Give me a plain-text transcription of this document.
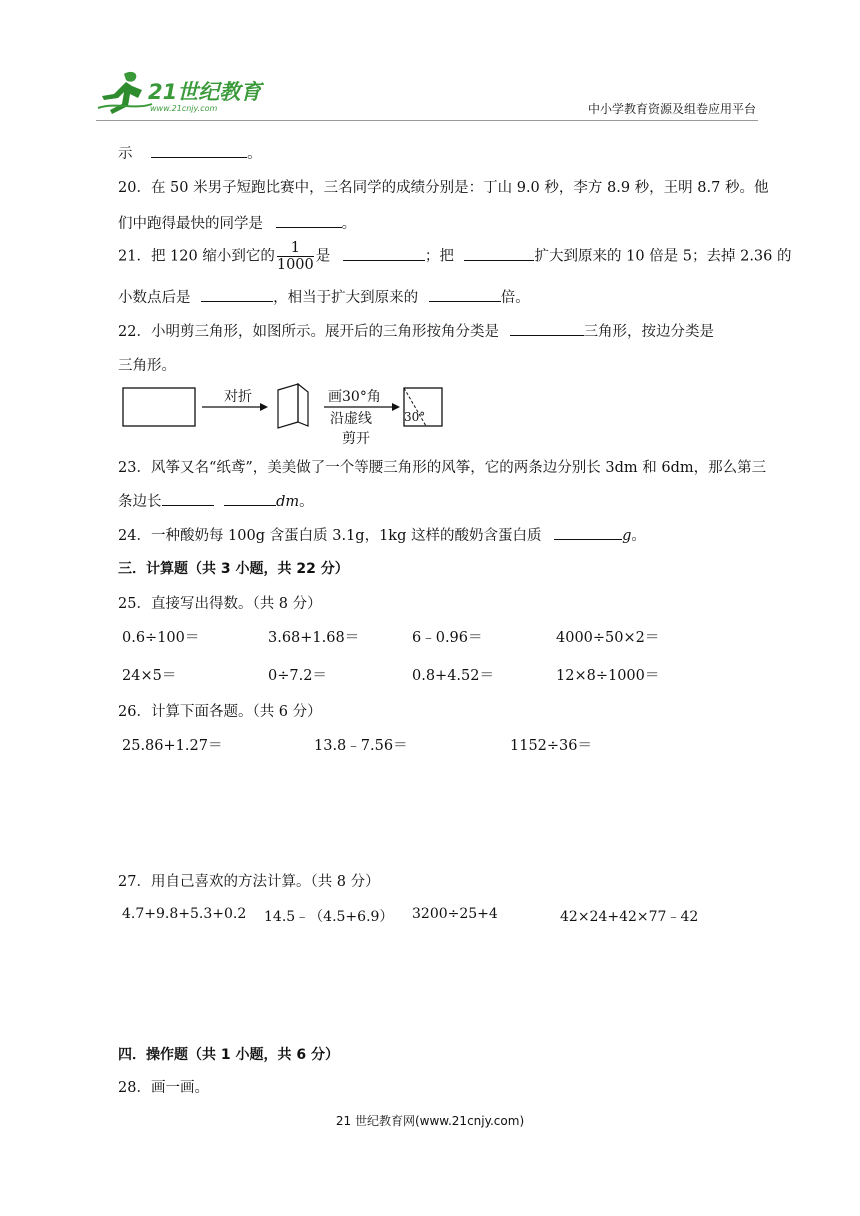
21世纪教育
www.21cnjy.com	中小学教育资源及组卷应用平台
示	。
20．在 50 米男子短跑比赛中，三名同学的成绩分别是：丁山 9.0 秒，李方 8.9 秒，王明 8.7 秒。他
们中跑得最快的同学是	。
21．把 120 缩小到它的 $\frac{1}{1000}$ 是	；把	扩大到原来的 10 倍是 5；去掉 2.36 的
小数点后是	，相当于扩大到原来的	倍。
22．小明剪三角形，如图所示。展开后的三角形按角分类是	三角形，按边分类是
三角形。
对折	画30°角
沿虚线
剪开
30°
23．风筝又名“纸鸢”，美美做了一个等腰三角形的风筝，它的两条边分别长 3dm 和 6dm，那么第三
条边长	dm。
24．一种酸奶每 100g 含蛋白质 3.1g，1kg 这样的酸奶含蛋白质	g。
三．计算题（共 3 小题，共 22 分）
25．直接写出得数。（共 8 分）
0.6÷100＝	3.68+1.68＝	6﹣0.96＝	4000÷50×2＝
24×5＝	0÷7.2＝	0.8+4.52＝	12×8÷1000＝
26．计算下面各题。（共 6 分）
25.86+1.27＝	13.8﹣7.56＝	1152÷36＝
27．用自己喜欢的方法计算。（共 8 分）
4.7+9.8+5.3+0.2 14.5﹣（4.5+6.9） 3200÷25+4	42×24+42×77﹣42
四．操作题（共 1 小题，共 6 分）
28．画一画。
21 世纪教育网(www.21cnjy.com)
